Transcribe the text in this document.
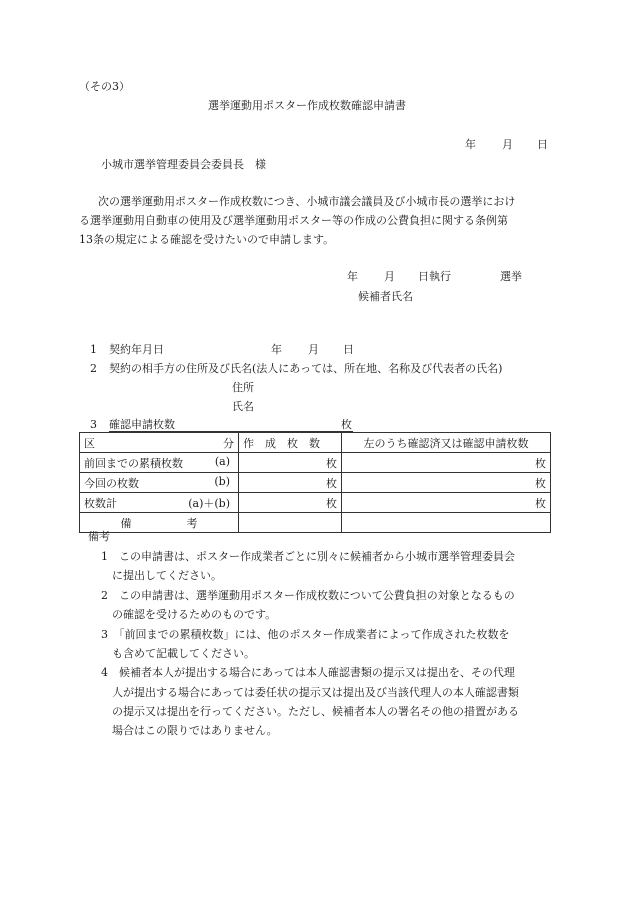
（その3）
選挙運動用ポスター作成枚数確認申請書
年 月 日
小城市選挙管理委員会委員長　様
次の選挙運動用ポスター作成枚数につき、小城市議会議員及び小城市長の選挙におけ
る選挙運動用自動車の使用及び選挙運動用ポスター等の作成の公費負担に関する条例第
13条の規定による確認を受けたいので申請します。
年 月 日執行	選挙
候補者氏名
1 契約年月日	年 月 日
2 契約の相手方の住所及び氏名(法人にあっては、所在地、名称及び代表者の氏名)
住所
氏名
3 確認申請枚数	枚
区 分	作　成　枚　数	左のうち確認済又は確認申請枚数
前回までの累積枚数 (a)	枚	枚
今回の枚数 (b)	枚	枚
枚数計 (a)＋(b)	枚	枚
備 考		
備考
1　この申請書は、ポスター作成業者ごとに別々に候補者から小城市選挙管理委員会
に提出してください。
2　この申請書は、選挙運動用ポスター作成枚数について公費負担の対象となるもの
の確認を受けるためのものです。
3　「前回までの累積枚数」には、他のポスター作成業者によって作成された枚数を
も含めて記載してください。
4　候補者本人が提出する場合にあっては本人確認書類の提示又は提出を、その代理
人が提出する場合にあっては委任状の提示又は提出及び当該代理人の本人確認書類
の提示又は提出を行ってください。ただし、候補者本人の署名その他の措置がある
場合はこの限りではありません。
